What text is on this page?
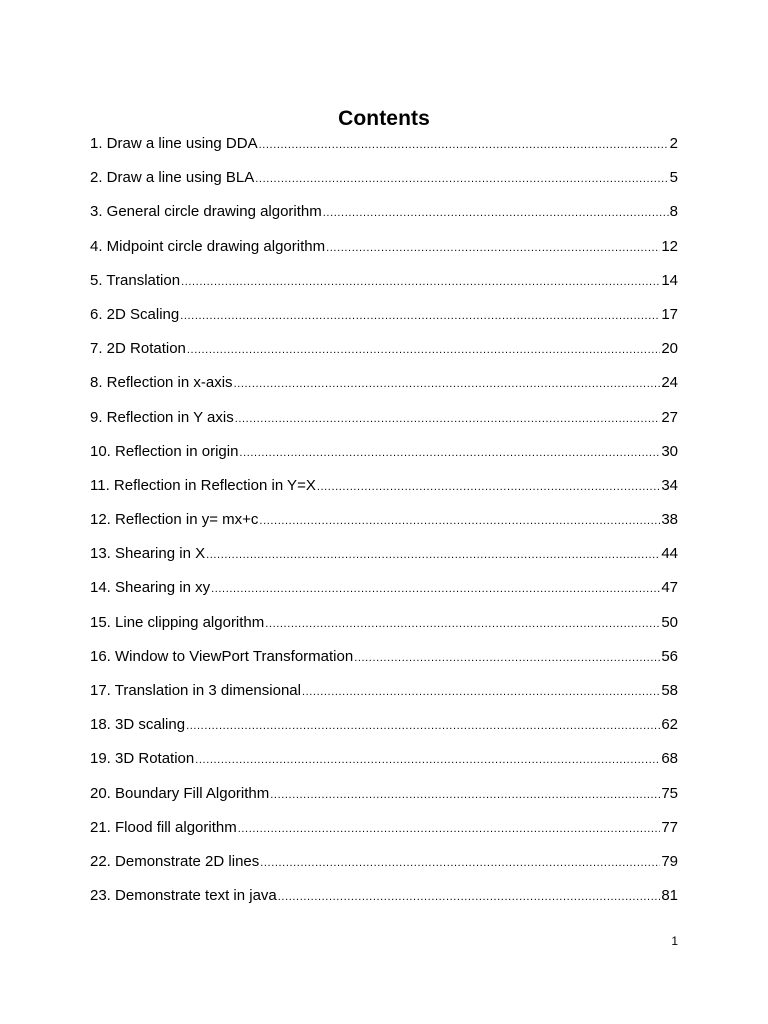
Contents
1. Draw a line using DDA .....	2
2. Draw a line using BLA .....	5
3. General circle drawing algorithm .....	8
4. Midpoint circle drawing algorithm .....	12
5. Translation .....	14
6. 2D Scaling .....	17
7. 2D Rotation .....	20
8. Reflection in x-axis .....	24
9. Reflection in Y axis .....	27
10. Reflection in origin .....	30
11. Reflection in Reflection in Y=X .....	34
12. Reflection in y= mx+c .....	38
13. Shearing in X .....	44
14. Shearing in xy .....	47
15. Line clipping algorithm .....	50
16. Window to ViewPort Transformation .....	56
17. Translation in 3 dimensional .....	58
18. 3D scaling .....	62
19. 3D Rotation .....	68
20. Boundary Fill Algorithm .....	75
21. Flood fill algorithm .....	77
22. Demonstrate 2D lines .....	79
23. Demonstrate text in java .....	81
1
